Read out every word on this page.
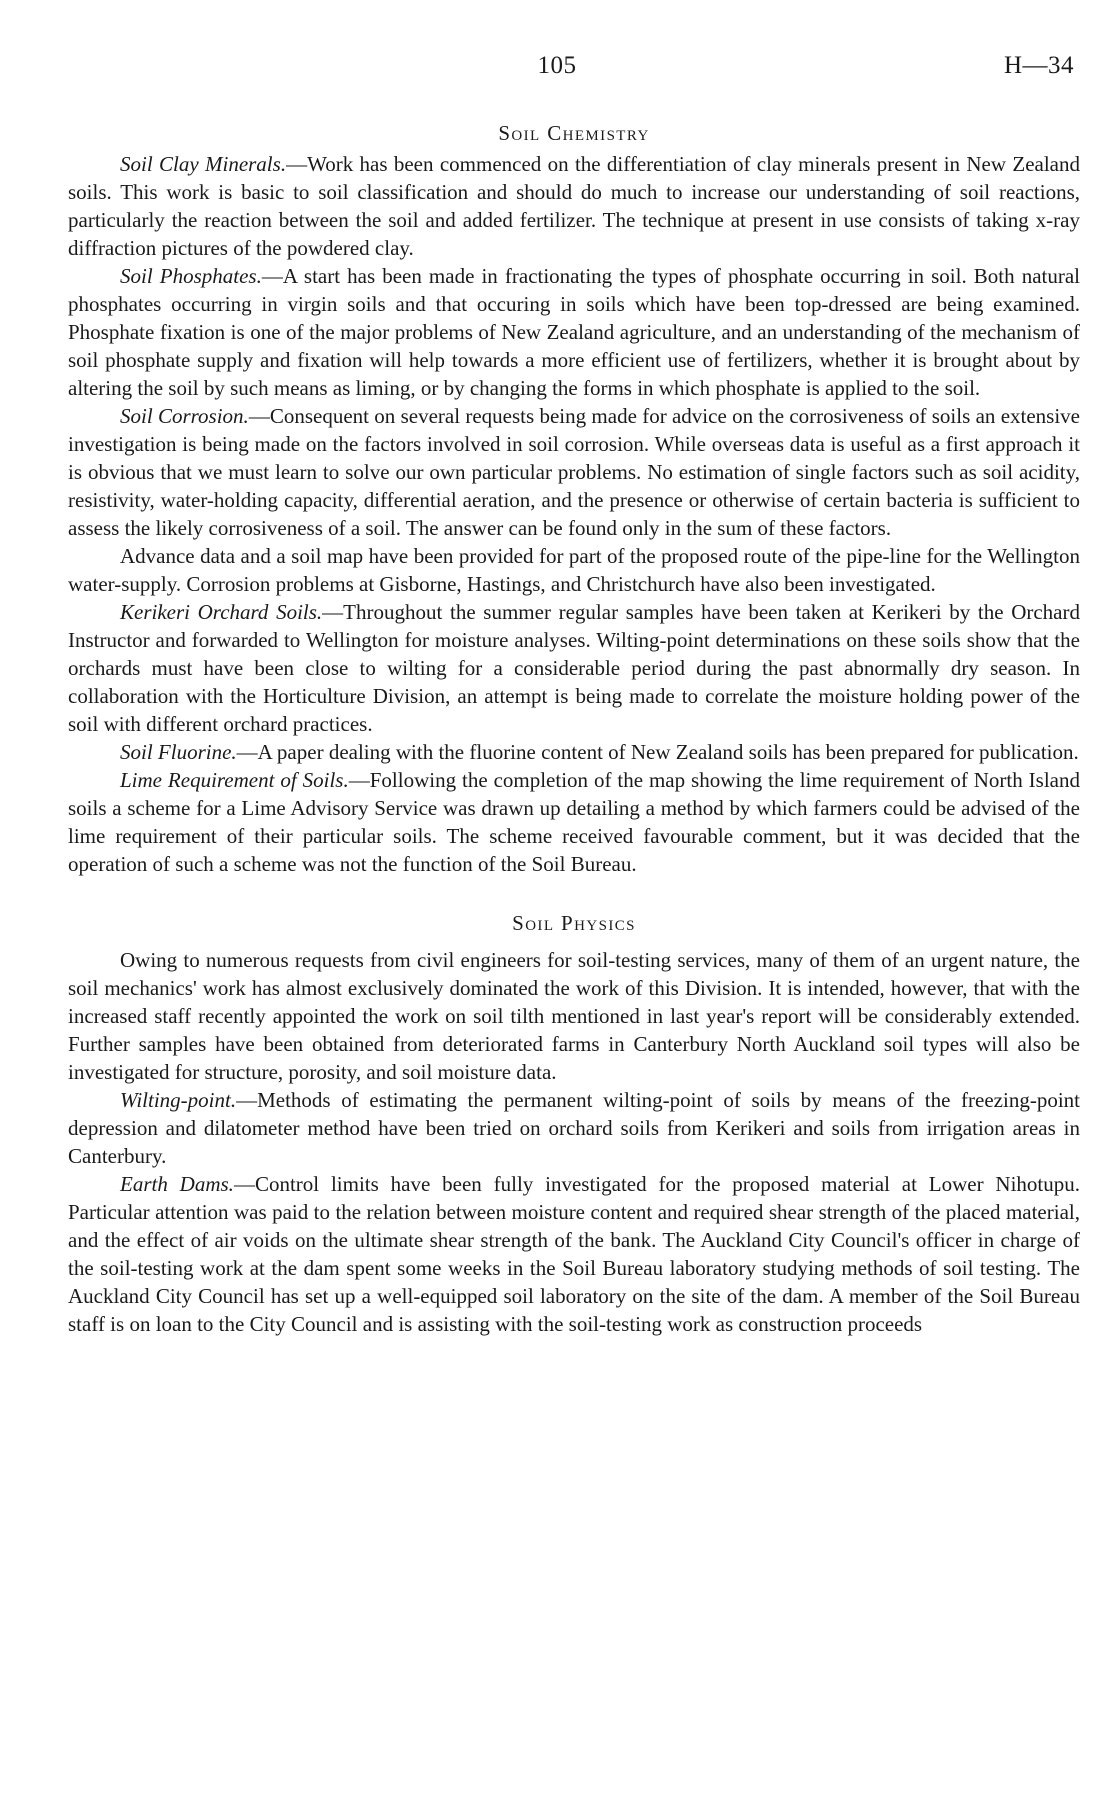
105	H—34
Soil Chemistry

Soil Clay Minerals.—Work has been commenced on the differentiation of clay minerals present in New Zealand soils. This work is basic to soil classification and should do much to increase our understanding of soil reactions, particularly the reaction between the soil and added fertilizer. The technique at present in use consists of taking x-ray diffraction pictures of the powdered clay.

Soil Phosphates.—A start has been made in fractionating the types of phosphate occurring in soil. Both natural phosphates occurring in virgin soils and that occuring in soils which have been top-dressed are being examined. Phosphate fixation is one of the major problems of New Zealand agriculture, and an understanding of the mechanism of soil phosphate supply and fixation will help towards a more efficient use of fertilizers, whether it is brought about by altering the soil by such means as liming, or by changing the forms in which phosphate is applied to the soil.

Soil Corrosion.—Consequent on several requests being made for advice on the corrosiveness of soils an extensive investigation is being made on the factors involved in soil corrosion. While overseas data is useful as a first approach it is obvious that we must learn to solve our own particular problems. No estimation of single factors such as soil acidity, resistivity, water-holding capacity, differential aeration, and the presence or otherwise of certain bacteria is sufficient to assess the likely corrosiveness of a soil. The answer can be found only in the sum of these factors.

Advance data and a soil map have been provided for part of the proposed route of the pipe-line for the Wellington water-supply. Corrosion problems at Gisborne, Hastings, and Christchurch have also been investigated.

Kerikeri Orchard Soils.—Throughout the summer regular samples have been taken at Kerikeri by the Orchard Instructor and forwarded to Wellington for moisture analyses. Wilting-point determinations on these soils show that the orchards must have been close to wilting for a considerable period during the past abnormally dry season. In collaboration with the Horticulture Division, an attempt is being made to correlate the moisture holding power of the soil with different orchard practices.

Soil Fluorine.—A paper dealing with the fluorine content of New Zealand soils has been prepared for publication.

Lime Requirement of Soils.—Following the completion of the map showing the lime requirement of North Island soils a scheme for a Lime Advisory Service was drawn up detailing a method by which farmers could be advised of the lime requirement of their particular soils. The scheme received favourable comment, but it was decided that the operation of such a scheme was not the function of the Soil Bureau.

Soil Physics

Owing to numerous requests from civil engineers for soil-testing services, many of them of an urgent nature, the soil mechanics' work has almost exclusively dominated the work of this Division. It is intended, however, that with the increased staff recently appointed the work on soil tilth mentioned in last year's report will be considerably extended. Further samples have been obtained from deteriorated farms in Canterbury North Auckland soil types will also be investigated for structure, porosity, and soil moisture data.

Wilting-point.—Methods of estimating the permanent wilting-point of soils by means of the freezing-point depression and dilatometer method have been tried on orchard soils from Kerikeri and soils from irrigation areas in Canterbury.

Earth Dams.—Control limits have been fully investigated for the proposed material at Lower Nihotupu. Particular attention was paid to the relation between moisture content and required shear strength of the placed material, and the effect of air voids on the ultimate shear strength of the bank. The Auckland City Council's officer in charge of the soil-testing work at the dam spent some weeks in the Soil Bureau laboratory studying methods of soil testing. The Auckland City Council has set up a well-equipped soil laboratory on the site of the dam. A member of the Soil Bureau staff is on loan to the City Council and is assisting with the soil-testing work as construction proceeds
